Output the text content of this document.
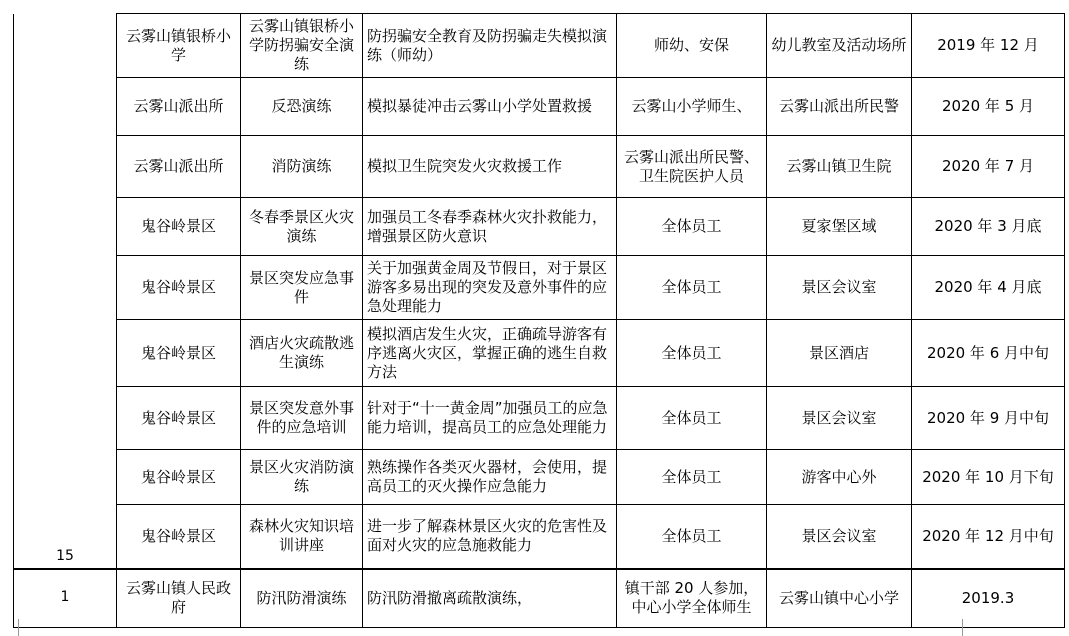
	云雾山镇银桥小学	云雾山镇银桥小学防拐骗安全演练	防拐骗安全教育及防拐骗走失模拟演练（师幼）	师幼、安保	幼儿教室及活动场所	2019 年 12 月
	云雾山派出所	反恐演练	模拟暴徒冲击云雾山小学处置救援	云雾山小学师生、	云雾山派出所民警	2020 年 5 月
	云雾山派出所	消防演练	模拟卫生院突发火灾救援工作	云雾山派出所民警、卫生院医护人员	云雾山镇卫生院	2020 年 7 月
	鬼谷岭景区	冬春季景区火灾演练	加强员工冬春季森林火灾扑救能力，增强景区防火意识	全体员工	夏家堡区域	2020 年 3 月底
	鬼谷岭景区	景区突发应急事件	关于加强黄金周及节假日，对于景区游客多易出现的突发及意外事件的应急处理能力	全体员工	景区会议室	2020 年 4 月底
	鬼谷岭景区	酒店火灾疏散逃生演练	模拟酒店发生火灾，正确疏导游客有序逃离火灾区，掌握正确的逃生自救方法	全体员工	景区酒店	2020 年 6 月中旬
	鬼谷岭景区	景区突发意外事件的应急培训	针对于“十一黄金周”加强员工的应急能力培训，提高员工的应急处理能力	全体员工	景区会议室	2020 年 9 月中旬
	鬼谷岭景区	景区火灾消防演练	熟练操作各类灭火器材，会使用，提高员工的灭火操作应急能力	全体员工	游客中心外	2020 年 10 月下旬
15	鬼谷岭景区	森林火灾知识培训讲座	进一步了解森林景区火灾的危害性及面对火灾的应急施救能力	全体员工	景区会议室	2020 年 12 月中旬
1	云雾山镇人民政府	防汛防滑演练	防汛防滑撤离疏散演练，	镇干部 20 人参加，中心小学全体师生	云雾山镇中心小学	2019.3
